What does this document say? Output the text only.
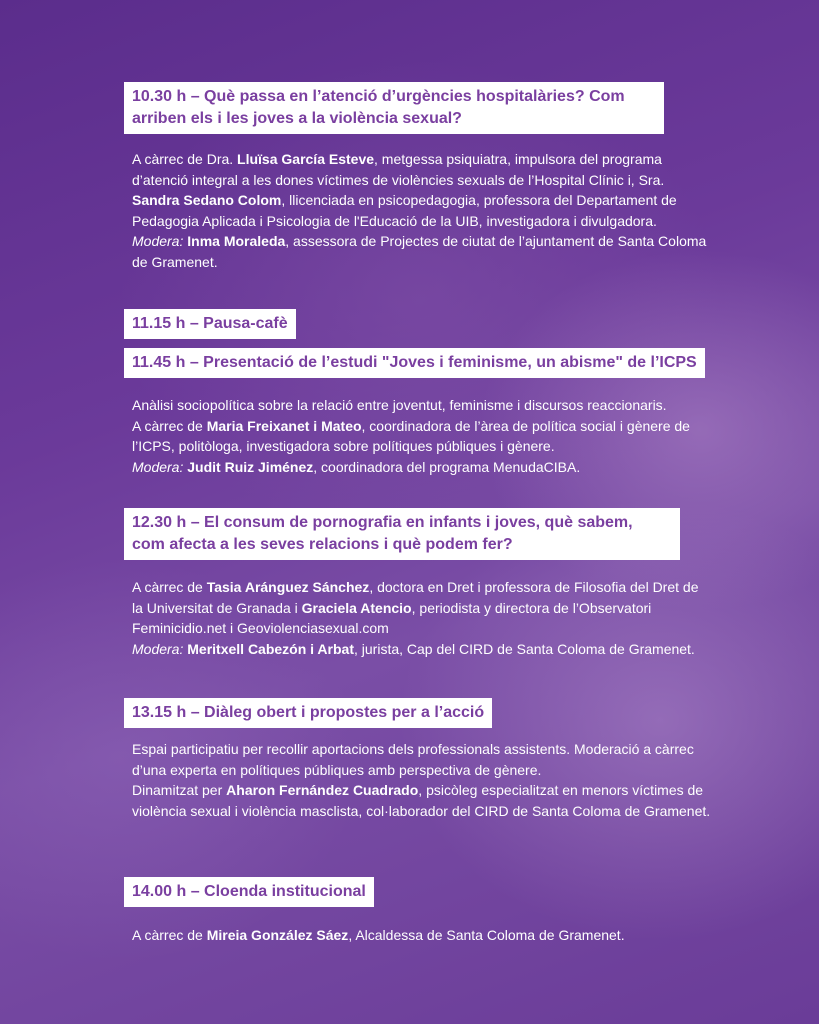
10.30 h – Què passa en l’atenció d’urgències hospitalàries? Com
arriben els i les joves a la violència sexual?
A càrrec de Dra. Lluïsa García Esteve, metgessa psiquiatra, impulsora del programa d’atenció integral a les dones víctimes de violències sexuals de l’Hospital Clínic i, Sra. Sandra Sedano Colom, llicenciada en psicopedagogia, professora del Departament de Pedagogia Aplicada i Psicologia de l'Educació de la UIB, investigadora i divulgadora.
Modera: Inma Moraleda, assessora de Projectes de ciutat de l’ajuntament de Santa Coloma de Gramenet.
11.15 h – Pausa-cafè
11.45 h – Presentació de l’estudi "Joves i feminisme, un abisme" de l’ICPS
Anàlisi sociopolítica sobre la relació entre joventut, feminisme i discursos reaccionaris.
A càrrec de Maria Freixanet i Mateo, coordinadora de l’àrea de política social i gènere de l’ICPS, politòloga, investigadora sobre polítiques públiques i gènere.
Modera: Judit Ruiz Jiménez, coordinadora del programa MenudaCIBA.
12.30 h – El consum de pornografia en infants i joves, què sabem,
com afecta a les seves relacions i què podem fer?
A càrrec de Tasia Aránguez Sánchez, doctora en Dret i professora de Filosofia del Dret de la Universitat de Granada i Graciela Atencio, periodista y directora de l’Observatori Feminicidio.net i Geoviolenciasexual.com
Modera: Meritxell Cabezón i Arbat, jurista, Cap del CIRD de Santa Coloma de Gramenet.
13.15 h – Diàleg obert i propostes per a l’acció
Espai participatiu per recollir aportacions dels professionals assistents. Moderació a càrrec d’una experta en polítiques públiques amb perspectiva de gènere.
Dinamitzat per Aharon Fernández Cuadrado, psicòleg especialitzat en menors víctimes de violència sexual i violència masclista, col·laborador del CIRD de Santa Coloma de Gramenet.
14.00 h – Cloenda institucional
A càrrec de Mireia González Sáez, Alcaldessa de Santa Coloma de Gramenet.
